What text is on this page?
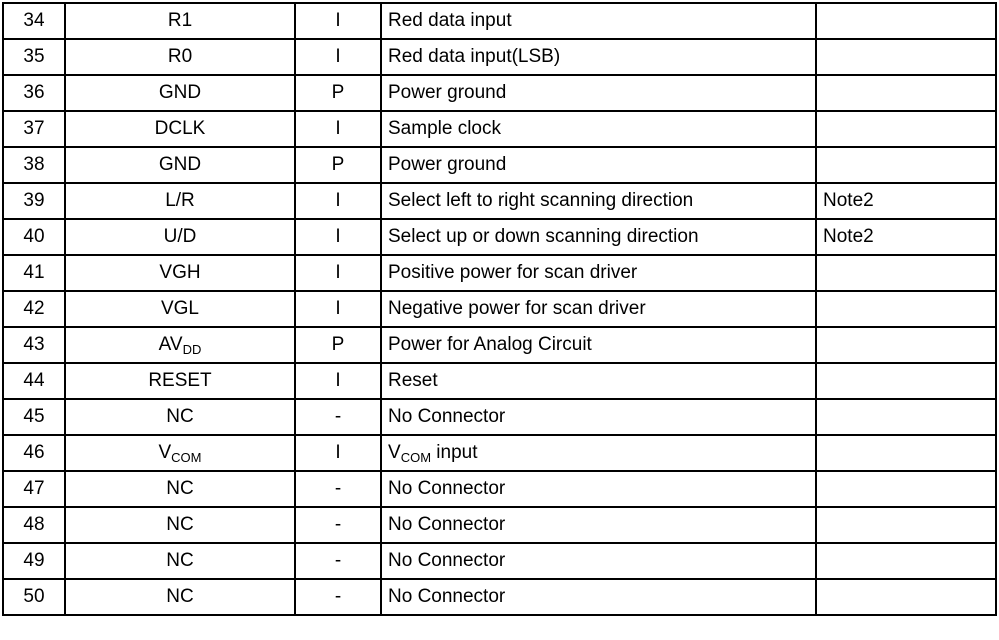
34	R1	I	Red data input	
35	R0	I	Red data input(LSB)	
36	GND	P	Power ground	
37	DCLK	I	Sample clock	
38	GND	P	Power ground	
39	L/R	I	Select left to right scanning direction	Note2
40	U/D	I	Select up or down scanning direction	Note2
41	VGH	I	Positive power for scan driver	
42	VGL	I	Negative power for scan driver	
43	$AV_{DD}$	P	Power for Analog Circuit	
44	RESET	I	Reset	
45	NC	-	No Connector	
46	$V_{COM}$	I	$V_{COM}$ input	
47	NC	-	No Connector	
48	NC	-	No Connector	
49	NC	-	No Connector	
50	NC	-	No Connector	
